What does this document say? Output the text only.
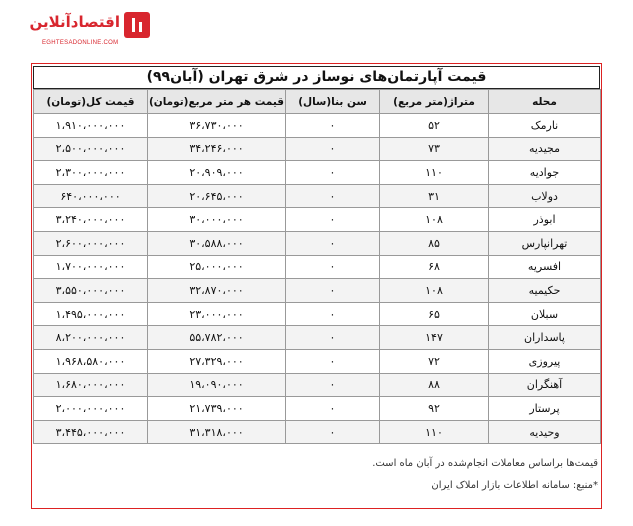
اقتصادآنلاین
EGHTESADONLINE.COM
قیمت آپارتمان‌های نوساز در شرق تهران (آبان۹۹)
محله	متراژ(متر مربع)	سن بنا(سال)	قیمت هر متر مربع(تومان)	قیمت کل(تومان)
نارمک	۵۲	۰	۳۶،۷۳۰،۰۰۰	۱،۹۱۰،۰۰۰،۰۰۰
مجیدیه	۷۳	۰	۳۴،۲۴۶،۰۰۰	۲،۵۰۰،۰۰۰،۰۰۰
جوادیه	۱۱۰	۰	۲۰،۹۰۹،۰۰۰	۲،۳۰۰،۰۰۰،۰۰۰
دولاب	۳۱	۰	۲۰،۶۴۵،۰۰۰	۶۴۰،۰۰۰،۰۰۰
ابوذر	۱۰۸	۰	۳۰،۰۰۰،۰۰۰	۳،۲۴۰،۰۰۰،۰۰۰
تهرانپارس	۸۵	۰	۳۰،۵۸۸،۰۰۰	۲،۶۰۰،۰۰۰،۰۰۰
افسریه	۶۸	۰	۲۵،۰۰۰،۰۰۰	۱،۷۰۰،۰۰۰،۰۰۰
حکیمیه	۱۰۸	۰	۳۲،۸۷۰،۰۰۰	۳،۵۵۰،۰۰۰،۰۰۰
سبلان	۶۵	۰	۲۳،۰۰۰،۰۰۰	۱،۴۹۵،۰۰۰،۰۰۰
پاسداران	۱۴۷	۰	۵۵،۷۸۲،۰۰۰	۸،۲۰۰،۰۰۰،۰۰۰
پیروزی	۷۲	۰	۲۷،۳۲۹،۰۰۰	۱،۹۶۸،۵۸۰،۰۰۰
آهنگران	۸۸	۰	۱۹،۰۹۰،۰۰۰	۱،۶۸۰،۰۰۰،۰۰۰
پرستار	۹۲	۰	۲۱،۷۳۹،۰۰۰	۲،۰۰۰،۰۰۰،۰۰۰
وحیدیه	۱۱۰	۰	۳۱،۳۱۸،۰۰۰	۳،۴۴۵،۰۰۰،۰۰۰
قیمت‌ها براساس معاملات انجام‌شده در آبان ماه است.
*منبع: سامانه اطلاعات بازار املاک ایران
